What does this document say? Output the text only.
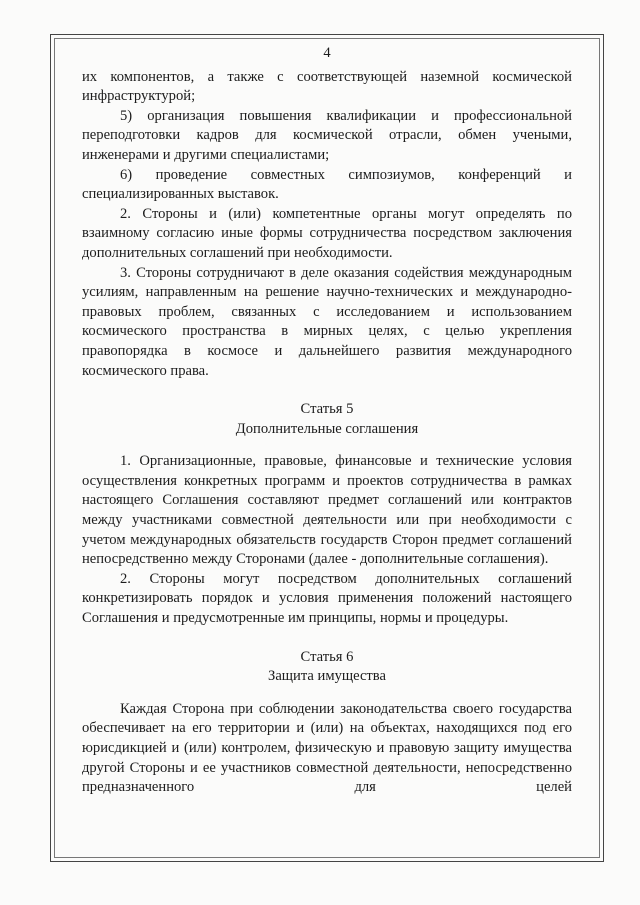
4

их компонентов, а также с соответствующей наземной космической инфраструктурой;

5) организация повышения квалификации и профессиональной переподготовки кадров для космической отрасли, обмен учеными, инженерами и другими специалистами;

6) проведение совместных симпозиумов, конференций и специализированных выставок.

2. Стороны и (или) компетентные органы могут определять по взаимному согласию иные формы сотрудничества посредством заключения дополнительных соглашений при необходимости.

3. Стороны сотрудничают в деле оказания содействия международным усилиям, направленным на решение научно-технических и международно-правовых проблем, связанных с исследованием и использованием космического пространства в мирных целях, с целью укрепления правопорядка в космосе и дальнейшего развития международного космического права.

Статья 5
Дополнительные соглашения

1. Организационные, правовые, финансовые и технические условия осуществления конкретных программ и проектов сотрудничества в рамках настоящего Соглашения составляют предмет соглашений или контрактов между участниками совместной деятельности или при необходимости с учетом международных обязательств государств Сторон предмет соглашений непосредственно между Сторонами (далее - дополнительные соглашения).

2. Стороны могут посредством дополнительных соглашений конкретизировать порядок и условия применения положений настоящего Соглашения и предусмотренные им принципы, нормы и процедуры.

Статья 6
Защита имущества

Каждая Сторона при соблюдении законодательства своего государства обеспечивает на его территории и (или) на объектах, находящихся под его юрисдикцией и (или) контролем, физическую и правовую защиту имущества другой Стороны и ее участников совместной деятельности, непосредственно предназначенного для целей
